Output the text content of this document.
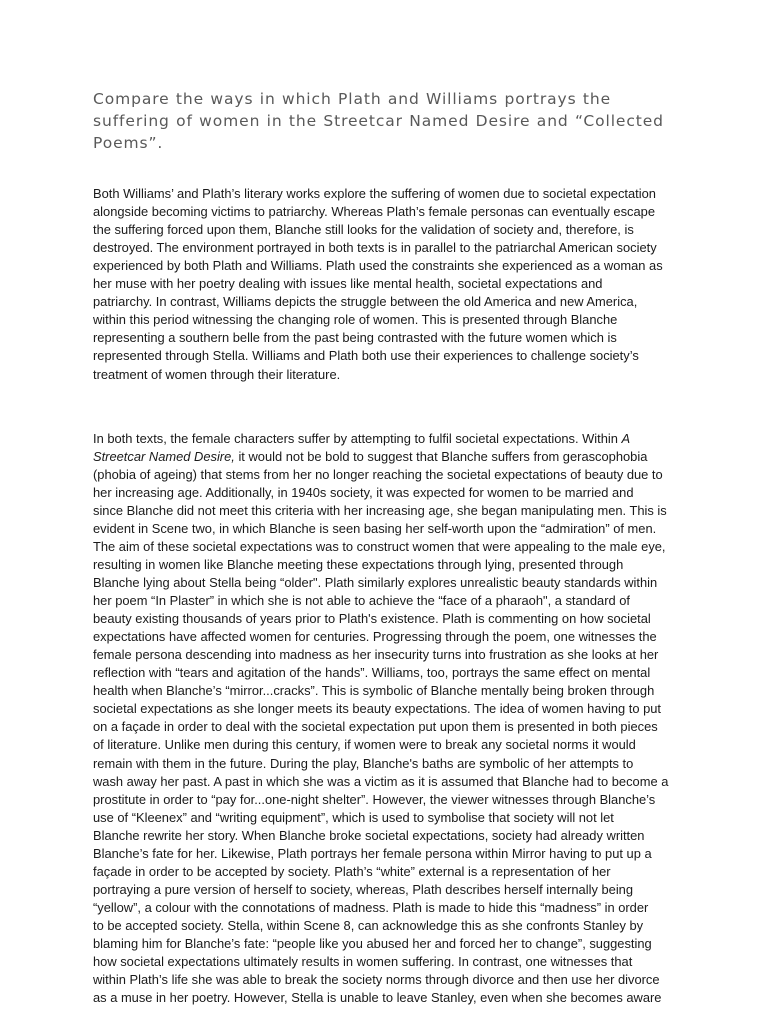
Compare the ways in which Plath and Williams portrays the suffering of women in the Streetcar Named Desire and “Collected Poems”.

Both Williams’ and Plath’s literary works explore the suffering of women due to societal expectation
alongside becoming victims to patriarchy. Whereas Plath’s female personas can eventually escape
the suffering forced upon them, Blanche still looks for the validation of society and, therefore, is
destroyed. The environment portrayed in both texts is in parallel to the patriarchal American society
experienced by both Plath and Williams. Plath used the constraints she experienced as a woman as
her muse with her poetry dealing with issues like mental health, societal expectations and
patriarchy. In contrast, Williams depicts the struggle between the old America and new America,
within this period witnessing the changing role of women. This is presented through Blanche
representing a southern belle from the past being contrasted with the future women which is
represented through Stella. Williams and Plath both use their experiences to challenge society’s
treatment of women through their literature.

In both texts, the female characters suffer by attempting to fulfil societal expectations. Within A
Streetcar Named Desire, it would not be bold to suggest that Blanche suffers from gerascophobia
(phobia of ageing) that stems from her no longer reaching the societal expectations of beauty due to
her increasing age. Additionally, in 1940s society, it was expected for women to be married and
since Blanche did not meet this criteria with her increasing age, she began manipulating men. This is
evident in Scene two, in which Blanche is seen basing her self-worth upon the “admiration” of men.
The aim of these societal expectations was to construct women that were appealing to the male eye,
resulting in women like Blanche meeting these expectations through lying, presented through
Blanche lying about Stella being “older". Plath similarly explores unrealistic beauty standards within
her poem “In Plaster” in which she is not able to achieve the “face of a pharaoh", a standard of
beauty existing thousands of years prior to Plath's existence. Plath is commenting on how societal
expectations have affected women for centuries. Progressing through the poem, one witnesses the
female persona descending into madness as her insecurity turns into frustration as she looks at her
reflection with “tears and agitation of the hands”. Williams, too, portrays the same effect on mental
health when Blanche’s “mirror...cracks”. This is symbolic of Blanche mentally being broken through
societal expectations as she longer meets its beauty expectations. The idea of women having to put
on a façade in order to deal with the societal expectation put upon them is presented in both pieces
of literature. Unlike men during this century, if women were to break any societal norms it would
remain with them in the future. During the play, Blanche's baths are symbolic of her attempts to
wash away her past. A past in which she was a victim as it is assumed that Blanche had to become a
prostitute in order to “pay for...one-night shelter”. However, the viewer witnesses through Blanche’s
use of “Kleenex” and “writing equipment”, which is used to symbolise that society will not let
Blanche rewrite her story. When Blanche broke societal expectations, society had already written
Blanche’s fate for her. Likewise, Plath portrays her female persona within Mirror having to put up a
façade in order to be accepted by society. Plath’s “white” external is a representation of her
portraying a pure version of herself to society, whereas, Plath describes herself internally being
“yellow”, a colour with the connotations of madness. Plath is made to hide this “madness” in order
to be accepted society. Stella, within Scene 8, can acknowledge this as she confronts Stanley by
blaming him for Blanche’s fate: “people like you abused her and forced her to change”, suggesting
how societal expectations ultimately results in women suffering. In contrast, one witnesses that
within Plath’s life she was able to break the society norms through divorce and then use her divorce
as a muse in her poetry. However, Stella is unable to leave Stanley, even when she becomes aware
